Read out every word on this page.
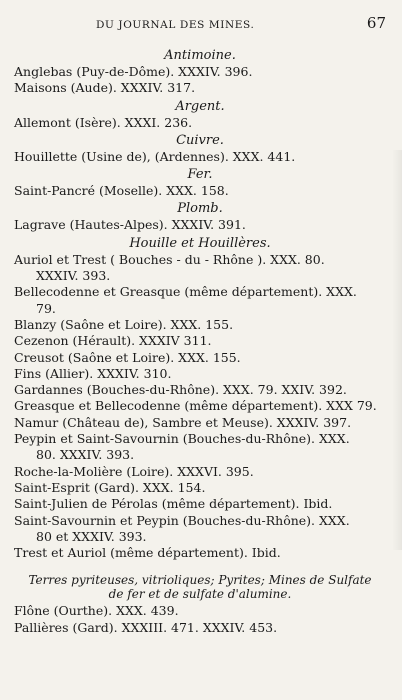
DU JOURNAL DES MINES.	67
Antimoine.
Anglebas (Puy-de-Dôme). XXXIV. 396.
Maisons (Aude). XXXIV. 317.
Argent.
Allemont (Isère). XXXI. 236.
Cuivre.
Houillette (Usine de), (Ardennes). XXX. 441.
Fer.
Saint-Pancré (Moselle). XXX. 158.
Plomb.
Lagrave (Hautes-Alpes). XXXIV. 391.
Houille et Houillères.
Auriol et Trest ( Bouches - du - Rhône ). XXX. 80.

XXXIV. 393.
Bellecodenne et Greasque (même département). XXX.

79.
Blanzy (Saône et Loire). XXX. 155.
Cezenon (Hérault). XXXIV 311.
Creusot (Saône et Loire). XXX. 155.
Fins (Allier). XXXIV. 310.
Gardannes (Bouches-du-Rhône). XXX. 79. XXIV. 392.
Greasque et Bellecodenne (même département). XXX 79.
Namur (Château de), Sambre et Meuse). XXXIV. 397.
Peypin et Saint-Savournin (Bouches-du-Rhône). XXX.

80. XXXIV. 393.
Roche-la-Molière (Loire). XXXVI. 395.
Saint-Esprit (Gard). XXX. 154.
Saint-Julien de Pérolas (même département). Ibid.
Saint-Savournin et Peypin (Bouches-du-Rhône). XXX.

80 et XXXIV. 393.
Trest et Auriol (même département). Ibid.
Terres pyriteuses, vitrioliques; Pyrites; Mines de Sulfate
de fer et de sulfate d'alumine.
Flône (Ourthe). XXX. 439.
Pallières (Gard). XXXIII. 471. XXXIV. 453.
